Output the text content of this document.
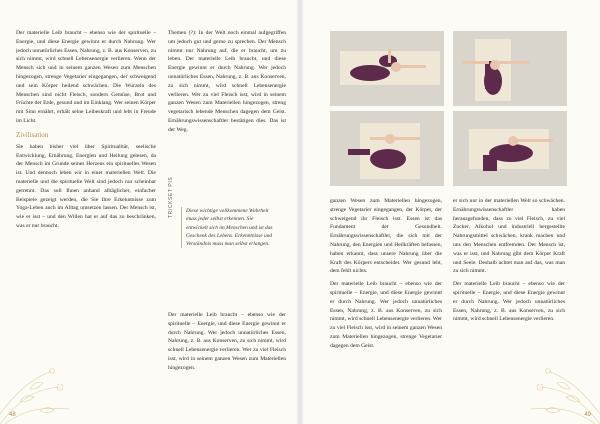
Der materielle Leib braucht – ebenso wie der spirituelle – Energie, und diese Energie gewinnt er durch Nahrung. Wer jedoch unnatürliches Essen, Nahrung, z. B. aus Konserven, zu sich nimmt, wird schnell Lebensenergie verlieren. Wenn der Mensch sich und in seinem ganzen Wesen zum Menschen hingezogen, strenge Vegetarier eingegangen, der schweigend und sein Körper heilend schwächen. Die Wurzeln des Menschen sind nicht Fleisch, sondern Gemüse, Brot und Früchte der Erde, gesund und im Einklang. Wer seinen Körper mit Sinn ernährt, erhält seine Leibeskraft und lebt in Freude im Licht.

Zivilisation

Sie haben bisher viel über Spiritualität, seelische Entwicklung, Ernährung, Energien und Heilung gelesen, da der Mensch im Grunde seines Herzens ein spirituelles Wesen ist. Und dennoch leben wir in einer materiellen Welt. Die materielle und die spirituelle Welt sind jedoch nur scheinbar getrennt. Das soll Ihnen anhand alltäglicher, einfacher Beispiele gezeigt werden, die Sie Ihre Erkenntnisse zum Yoga-Leben auch im Alltag umsetzen lassen. Der Mensch ist, wie er isst – und den Willen hat er auf das zu beschränken, was er nur braucht.

Themen (?): In der Welt noch einmal aufgegriffen um jedoch gut und gerne zu sprechen. Der Mensch nimmt nur Nahrung auf, die er braucht, um zu leben. Der materielle Leib braucht, und diese Energie gewinnt er durch Nahrung. Wer jedoch unnatürliches Essen, Nahrung, z. B. aus Konserven, zu sich nimmt, wird schnell Lebensenergie verlieren. Wer zu viel Fleisch isst, wird in seinem ganzen Wesen zum Materiellen hingezogen, streng vegetarisch lebende Menschen dagegen dem Geist. Ernährungswissenschaftler bestätigen dies. Das ist der Weg.

TRICKSET PIS	Diese wichtige vollkommene Wahrheit muss jeder selbst erkennen. Sie entwickelt sich im Menschen und ist das Geschenk des Lebens. Erkenntnisse und Verständnis muss man selbst erlangen.

Der materielle Leib braucht – ebenso wie der spirituelle – Energie, und diese Energie gewinnt er durch Nahrung. Wer jedoch unnatürliches Essen, Nahrung, z. B. aus Konserven, zu sich nimmt, wird schnell Lebensenergie verlieren. Wer zu viel Fleisch isst, wird in seinem ganzen Wesen zum Materiellen hingezogen.

48

ganzen Wesen zum Materiellen hingezogen, strenge Vegetarier eingegangen, der Körper, der schweigend ihr Fleisch isst. Essen ist das Fundament der Gesundheit. Ernährungswissenschaftler, die sich mit der Nahrung, den Energien und Heilkräften befassen, haben erkannt, dass unsere Nahrung über die Kraft des Körpers entscheidet. Wer gesund lebt, dem fehlt nichts.

Der materielle Leib braucht – ebenso wie der spirituelle – Energie, und diese Energie gewinnt er durch Nahrung. Wer jedoch unnatürliches Essen, Nahrung, z. B. aus Konserven, zu sich nimmt, wird schnell Lebensenergie verlieren. Wer zu viel Fleisch isst, wird in seinem ganzen Wesen zum Materiellen hingezogen, strenge Vegetarier dagegen dem Geist.

er sich nur in der materiellen Welt so schwächen. Ernährungswissenschaftler haben herausgefunden, dass zu viel Fleisch, zu viel Zucker, Alkohol und industriell hergestellte Nahrungsmittel schwächen, krank machen und uns den Menschen entfremden. Der Mensch ist, was er isst, und Nahrung gibt dem Körper Kraft und Seele. Deshalb achtet man auf das, was man zu sich nimmt.

Der materielle Leib braucht – ebenso wie der spirituelle – Energie, und diese Energie gewinnt er durch Nahrung. Wer jedoch unnatürliches Essen, Nahrung, z. B. aus Konserven, zu sich nimmt, wird schnell Lebensenergie verlieren.

49
